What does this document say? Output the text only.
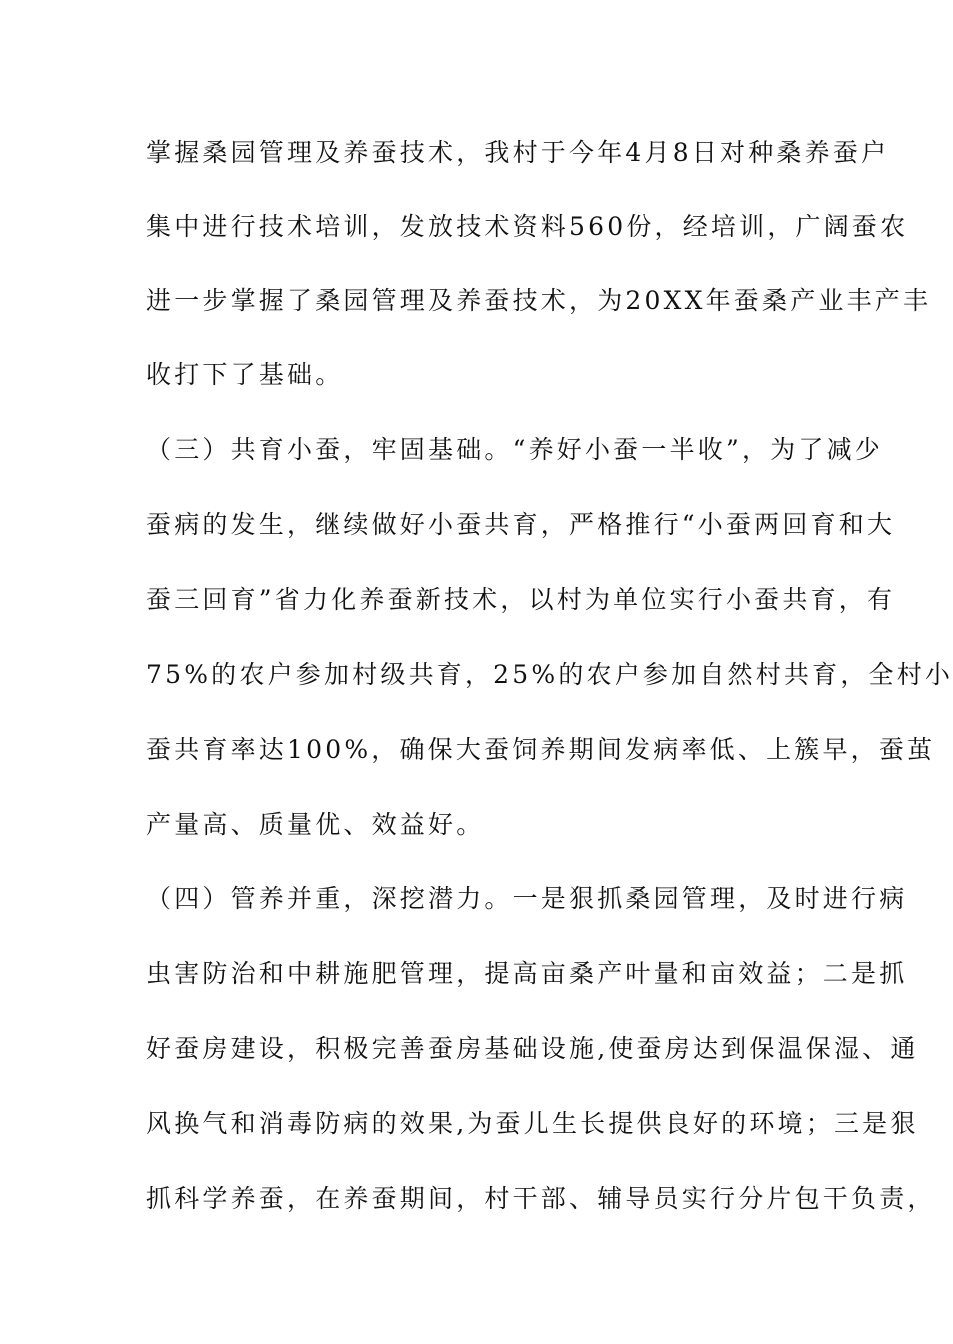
掌握桑园管理及养蚕技术，我村于今年4月8日对种桑养蚕户
集中进行技术培训，发放技术资料560份，经培训，广阔蚕农
进一步掌握了桑园管理及养蚕技术，为20XX年蚕桑产业丰产丰
收打下了基础。
（三）共育小蚕，牢固基础。“养好小蚕一半收”，为了减少
蚕病的发生，继续做好小蚕共育，严格推行“小蚕两回育和大
蚕三回育”省力化养蚕新技术，以村为单位实行小蚕共育，有
75%的农户参加村级共育，25%的农户参加自然村共育，全村小
蚕共育率达100%，确保大蚕饲养期间发病率低、上簇早，蚕茧
产量高、质量优、效益好。
（四）管养并重，深挖潜力。一是狠抓桑园管理，及时进行病
虫害防治和中耕施肥管理，提高亩桑产叶量和亩效益；二是抓
好蚕房建设，积极完善蚕房基础设施,使蚕房达到保温保湿、通
风换气和消毒防病的效果,为蚕儿生长提供良好的环境；三是狠
抓科学养蚕，在养蚕期间，村干部、辅导员实行分片包干负责，
